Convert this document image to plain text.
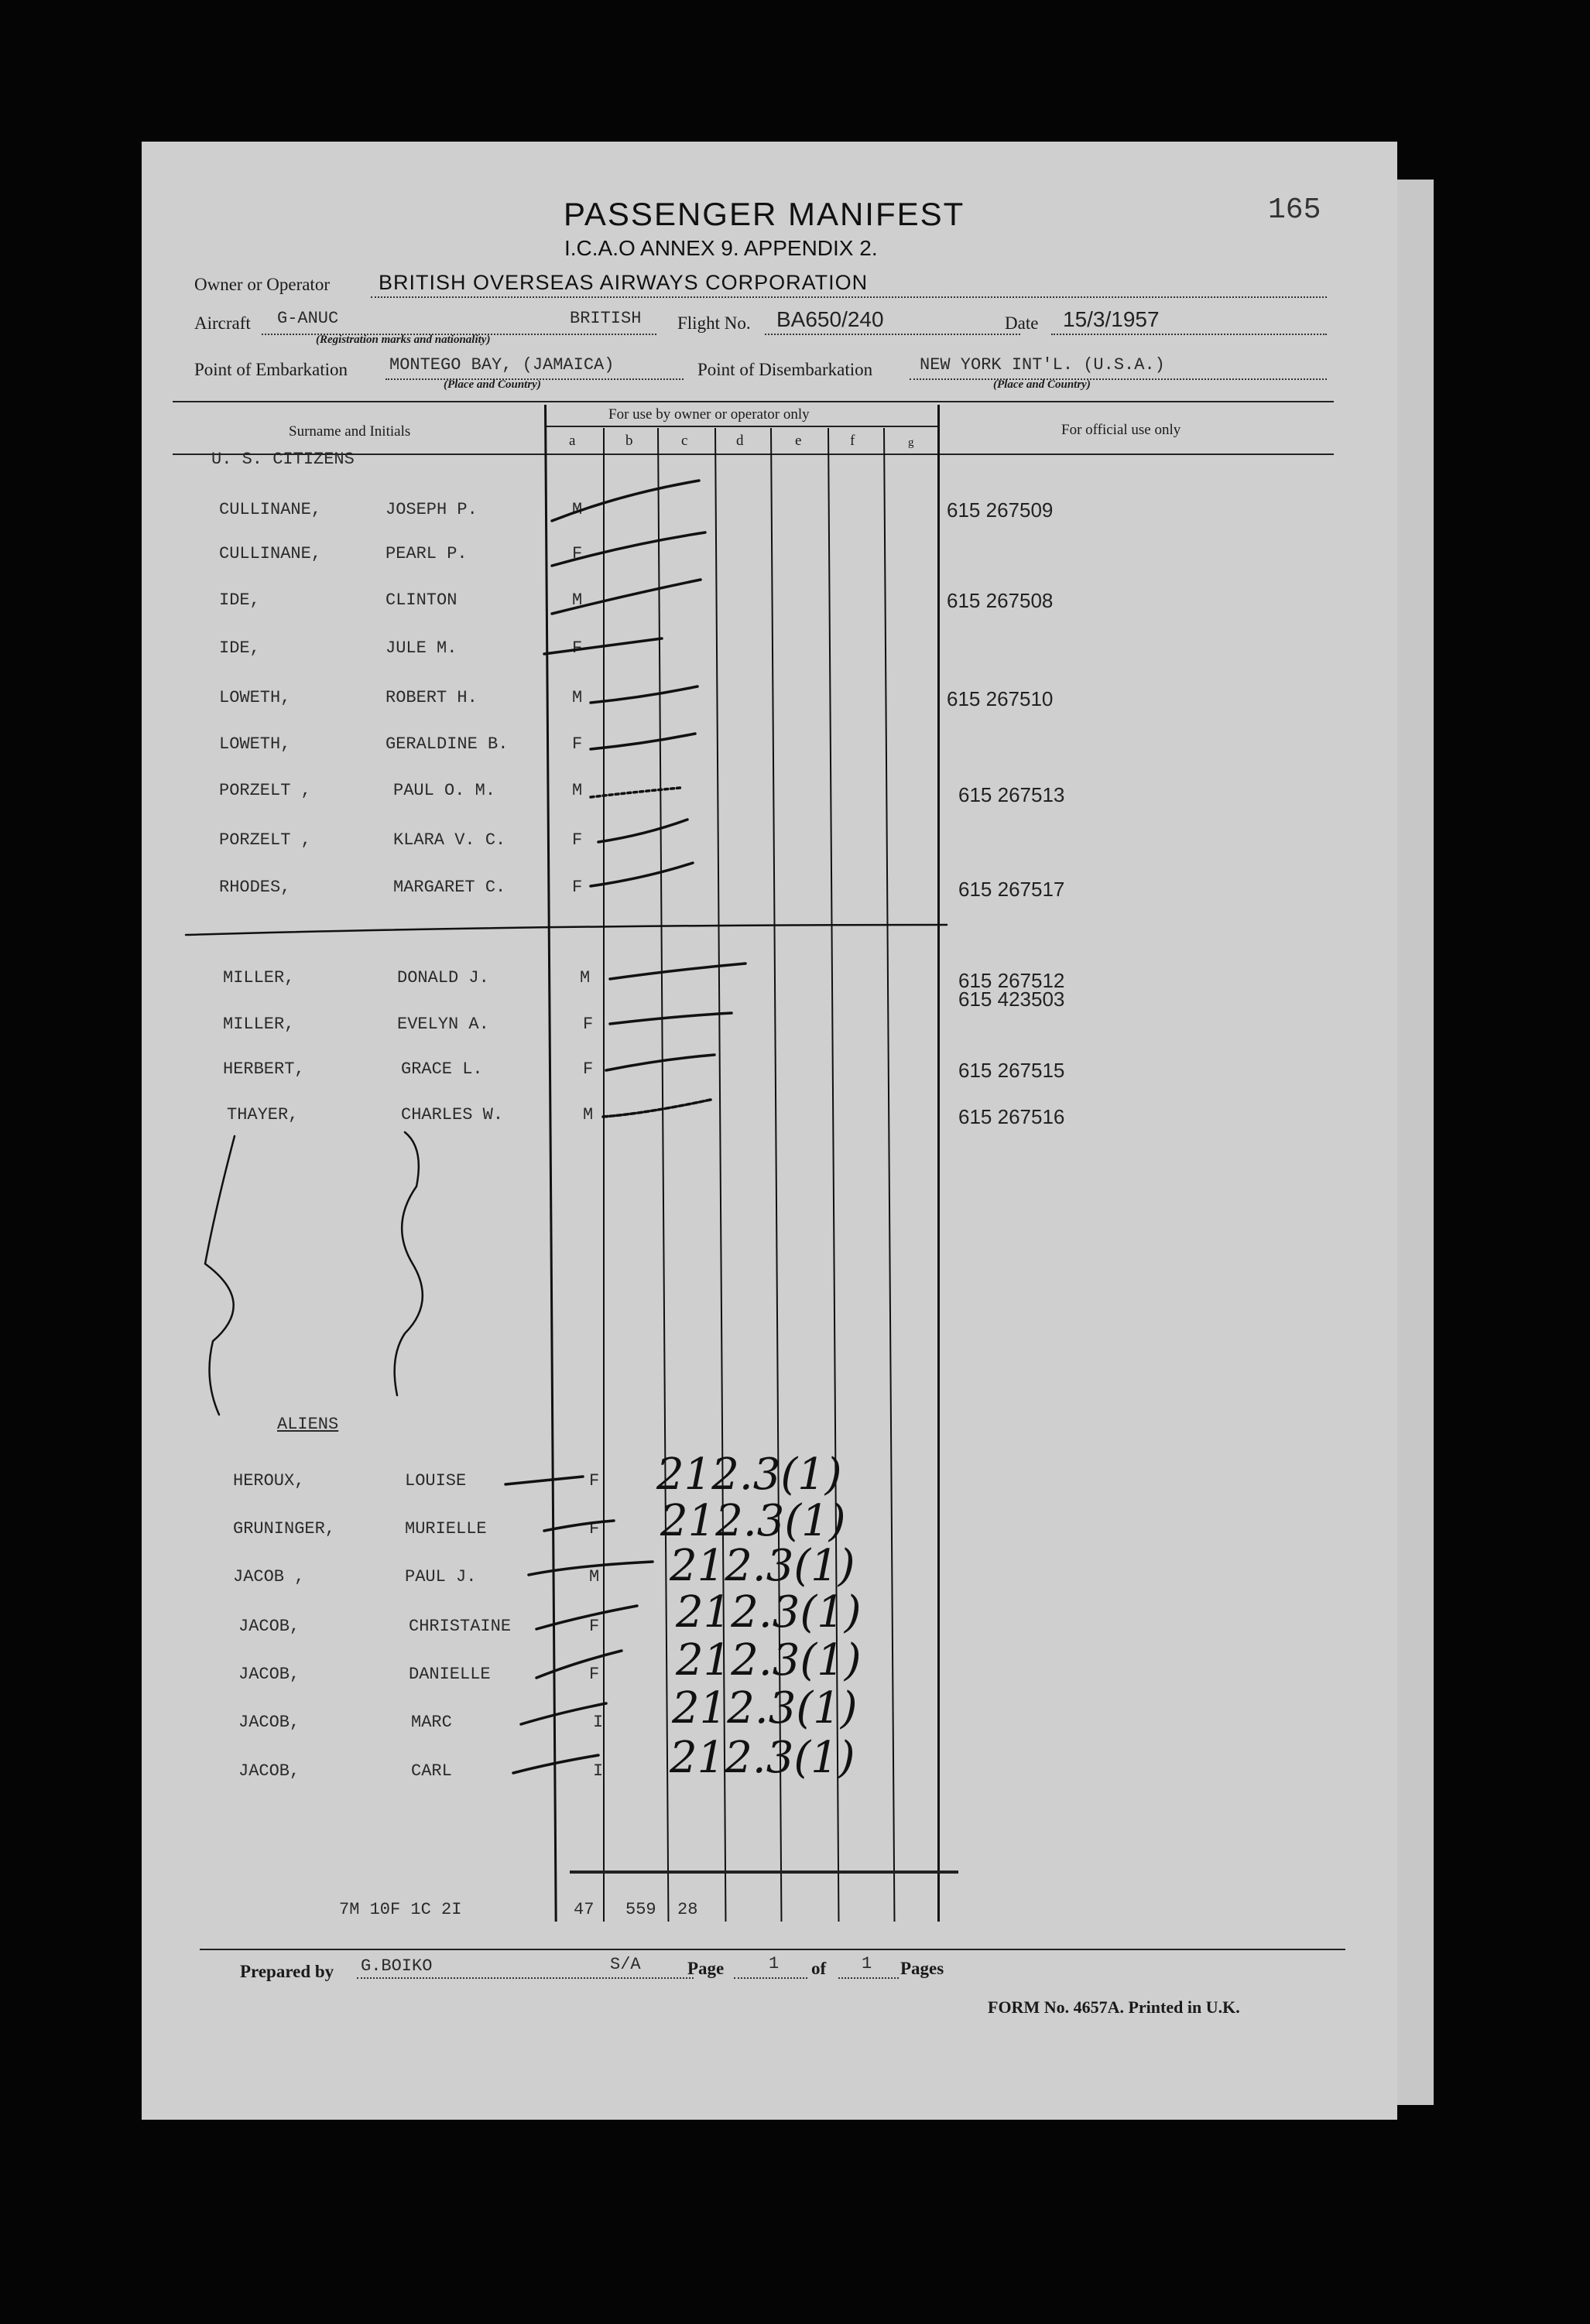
165
PASSENGER MANIFEST
I.C.A.O ANNEX 9. APPENDIX 2.
Owner or Operator BRITISH OVERSEAS AIRWAYS CORPORATION
Aircraft G-ANUC	BRITISH
(Registration marks and nationality)
Flight No. BA650/240	Date 15/3/1957
Point of Embarkation MONTEGO BAY, (JAMAICA)
(Place and Country)
Point of Disembarkation	NEW YORK INT'L. (U.S.A.)
(Place and Country)
Surname and Initials
For use by owner or operator only
For official use only
a	b	c	d	e	f	g
U. S. CITIZENS
ALIENS
CULLINANE,	JOSEPH P.	M	615 267509
CULLINANE,	PEARL P.	F
IDE,	CLINTON	M	615 267508
IDE,	JULE M.	F
LOWETH,	ROBERT H.	M	615 267510
LOWETH,	GERALDINE B.	F
PORZELT ,	PAUL O. M.	M	615 267513
PORZELT ,	KLARA V. C.	F
RHODES,	MARGARET C.	F	615 267517
MILLER,	DONALD J.	M	615 267512
615 423503
MILLER,	EVELYN A.	F
HERBERT,	GRACE L.	F	615 267515
THAYER,	CHARLES W.	M	615 267516
HEROUX,	LOUISE	F 212.3(1)
GRUNINGER,	MURIELLE	F 212.3(1)
JACOB ,	PAUL J.	M 212.3(1)
JACOB,	CHRISTAINE	F 212.3(1)
JACOB,	DANIELLE	F 212.3(1)
JACOB,	MARC	I 212.3(1)
JACOB,	CARL	I 212.3(1)
7M 10F 1C 2I	47 559 28
Prepared by G.BOIKO	S/A	Page	1 of 1 Pages
FORM No. 4657A. Printed in U.K.
